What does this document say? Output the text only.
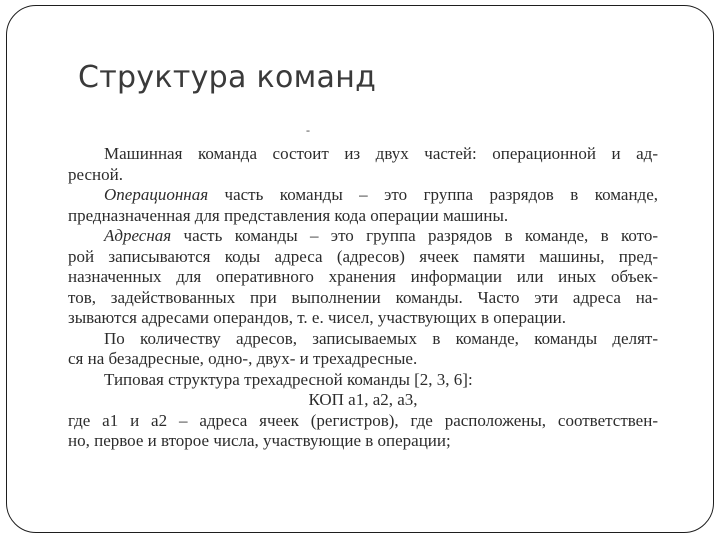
Структура команд
-
Машинная команда состоит из двух частей: операционной и ад-
ресной.
Операционная часть команды – это группа разрядов в команде,
предназначенная для представления кода операции машины.
Адресная часть команды – это группа разрядов в команде, в кото-
рой записываются коды адреса (адресов) ячеек памяти машины, пред-
назначенных для оперативного хранения информации или иных объек-
тов, задействованных при выполнении команды. Часто эти адреса на-
зываются адресами операндов, т. е. чисел, участвующих в операции.
По количеству адресов, записываемых в команде, команды делят-
ся на безадресные, одно-, двух- и трехадресные.
Типовая структура трехадресной команды [2, 3, 6]:
КОП а1, а2, а3,
где а1 и а2 – адреса ячеек (регистров), где расположены, соответствен-
но, первое и второе числа, участвующие в операции;
